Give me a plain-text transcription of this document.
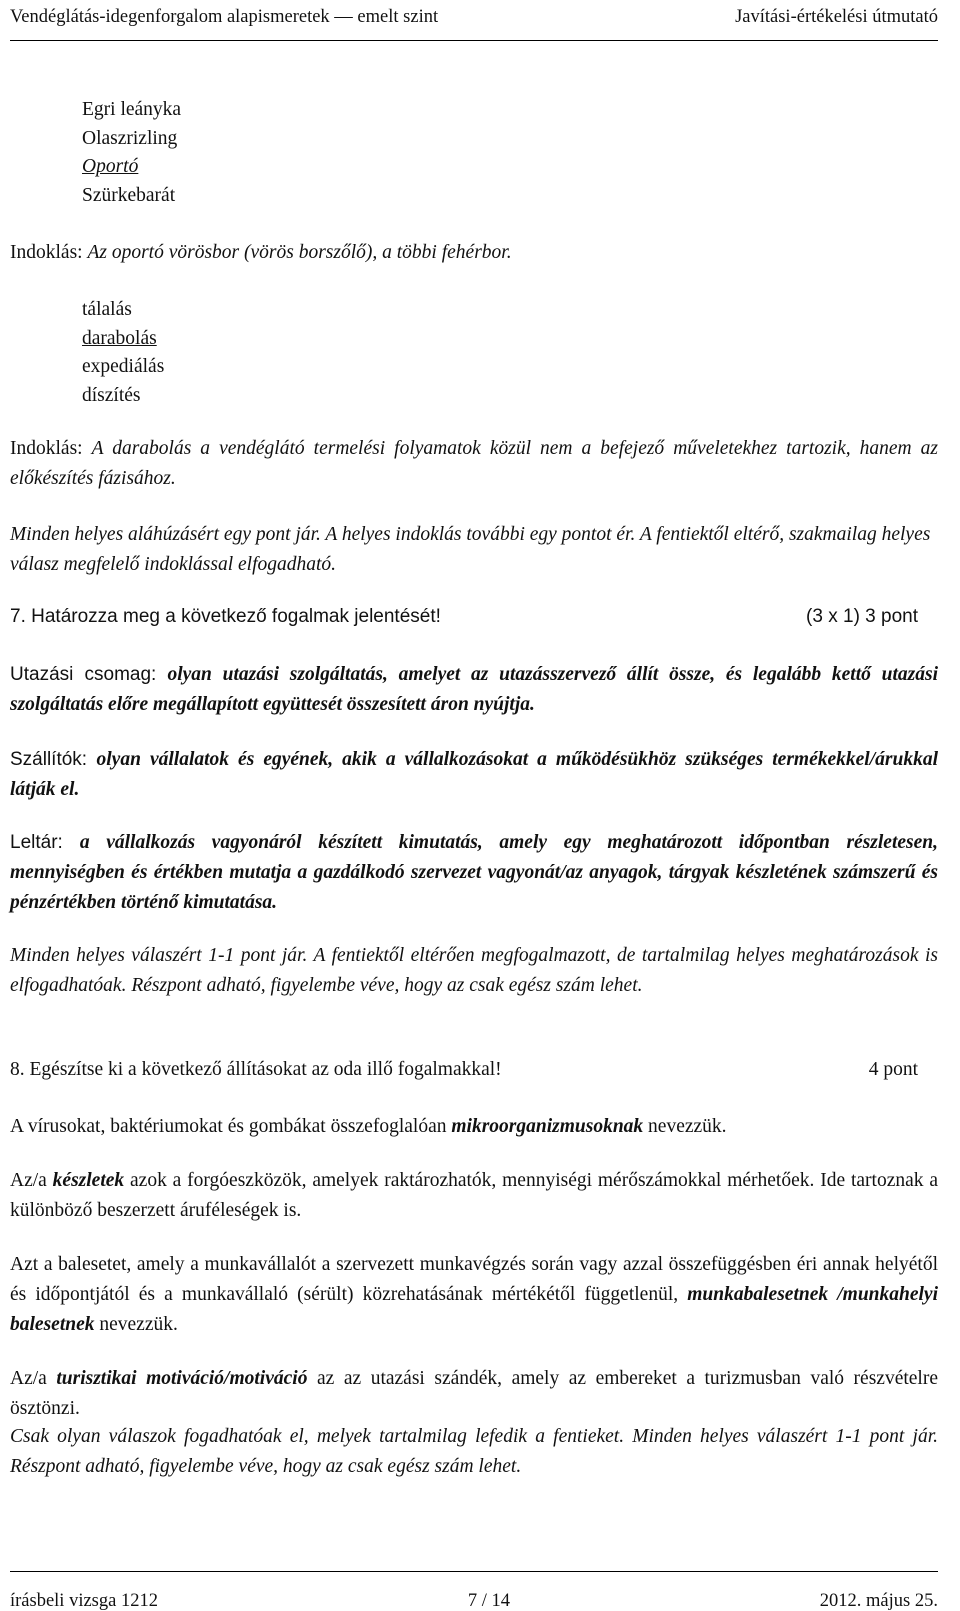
Vendéglátás-idegenforgalom alapismeretek — emelt szint	Javítási-értékelési útmutató
Egri leányka
Olaszrizling
Oportó
Szürkebarát
Indoklás: Az oportó vörösbor (vörös borszőlő), a többi fehérbor.
tálalás
darabolás
expediálás
díszítés
Indoklás: A darabolás a vendéglátó termelési folyamatok közül nem a befejező műveletekhez tartozik, hanem az előkészítés fázisához.
Minden helyes aláhúzásért egy pont jár. A helyes indoklás további egy pontot ér. A fentiektől eltérő, szakmailag helyes válasz megfelelő indoklással elfogadható.
7. Határozza meg a következő fogalmak jelentését!	(3 x 1) 3 pont
Utazási csomag: olyan utazási szolgáltatás, amelyet az utazásszervező állít össze, és legalább kettő utazási szolgáltatás előre megállapított együttesét összesített áron nyújtja.
Szállítók: olyan vállalatok és egyének, akik a vállalkozásokat a működésükhöz szükséges termékekkel/árukkal látják el.
Leltár: a vállalkozás vagyonáról készített kimutatás, amely egy meghatározott időpontban részletesen, mennyiségben és értékben mutatja a gazdálkodó szervezet vagyonát/az anyagok, tárgyak készletének számszerű és pénzértékben történő kimutatása.
Minden helyes válaszért 1-1 pont jár. A fentiektől eltérően megfogalmazott, de tartalmilag helyes meghatározások is elfogadhatóak. Részpont adható, figyelembe véve, hogy az csak egész szám lehet.
8. Egészítse ki a következő állításokat az oda illő fogalmakkal!	4 pont
A vírusokat, baktériumokat és gombákat összefoglalóan mikroorganizmusoknak nevezzük.
Az/a készletek azok a forgóeszközök, amelyek raktározhatók, mennyiségi mérőszámokkal mérhetőek. Ide tartoznak a különböző beszerzett áruféleségek is.
Azt a balesetet, amely a munkavállalót a szervezett munkavégzés során vagy azzal összefüggésben éri annak helyétől és időpontjától és a munkavállaló (sérült) közrehatásának mértékétől függetlenül, munkabalesetnek /munkahelyi balesetnek nevezzük.
Az/a turisztikai motiváció/motiváció az az utazási szándék, amely az embereket a turizmusban való részvételre ösztönzi.
Csak olyan válaszok fogadhatóak el, melyek tartalmilag lefedik a fentieket. Minden helyes válaszért 1-1 pont jár. Részpont adható, figyelembe véve, hogy az csak egész szám lehet.
írásbeli vizsga 1212	7 / 14	2012. május 25.
